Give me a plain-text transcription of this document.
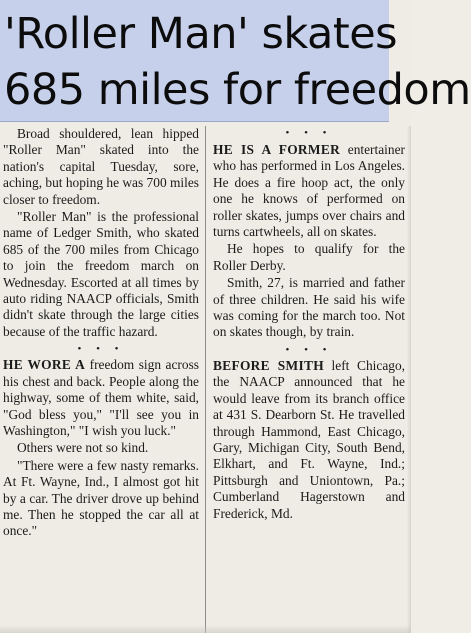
'Roller Man' skates
685 miles for freedom

Broad shouldered, lean hipped "Roller Man" skated into the nation's capital Tuesday, sore, aching, but hoping he was 700 miles closer to freedom.

"Roller Man" is the professional name of Ledger Smith, who skated 685 of the 700 miles from Chicago to join the freedom march on Wednesday. Escorted at all times by auto riding NAACP officials, Smith didn't skate through the large cities because of the traffic hazard.

• • •

HE WORE A freedom sign across his chest and back. People along the highway, some of them white, said, "God bless you," "I'll see you in Washington," "I wish you luck."

Others were not so kind.

"There were a few nasty remarks. At Ft. Wayne, Ind., I almost got hit by a car. The driver drove up behind me. Then he stopped the car all at once."

• • •

HE IS A FORMER entertainer who has performed in Los Angeles. He does a fire hoop act, the only one he knows of performed on roller skates, jumps over chairs and turns cartwheels, all on skates.

He hopes to qualify for the Roller Derby.

Smith, 27, is married and father of three children. He said his wife was coming for the march too. Not on skates though, by train.

• • •

BEFORE SMITH left Chicago, the NAACP announced that he would leave from its branch office at 431 S. Dearborn St. He travelled through Hammond, East Chicago, Gary, Michigan City, South Bend, Elkhart, and Ft. Wayne, Ind.; Pittsburgh and Uniontown, Pa.; Cumberland Hagerstown and Frederick, Md.
